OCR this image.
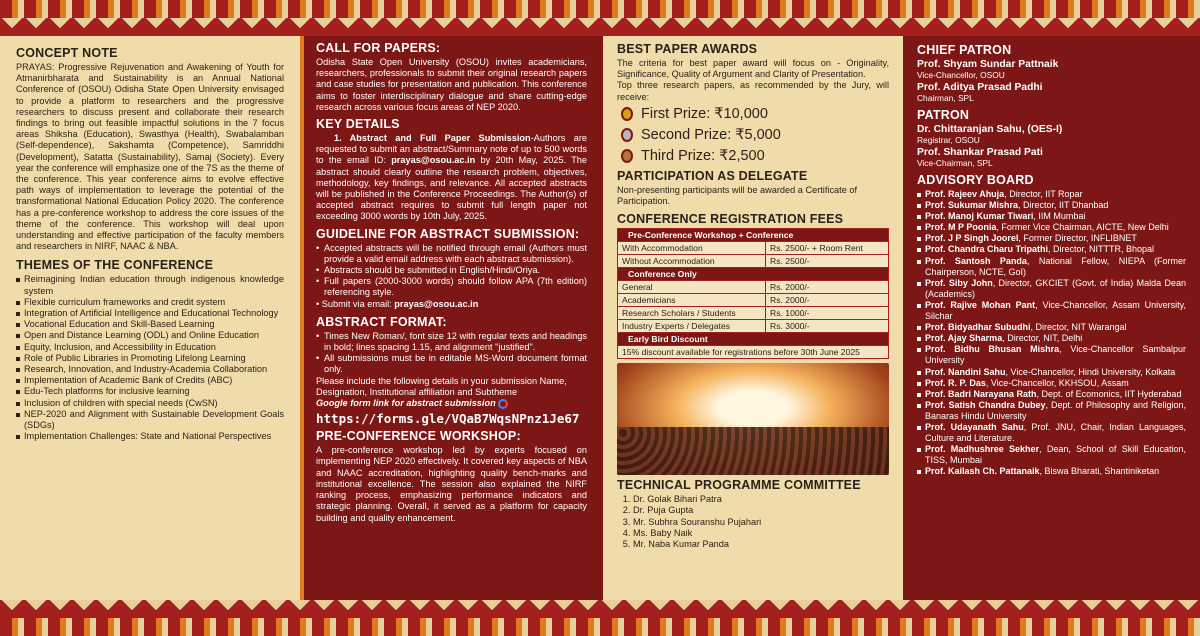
CONCEPT NOTE

PRAYAS: Progressive Rejuvenation and Awakening of Youth for Atmanirbharata and Sustainability is an Annual National Conference of (OSOU) Odisha State Open University envisaged to provide a platform to researchers and the progressive researchers to discuss present and collaborate their research findings to bring out feasible impactful solutions in the 7 focus areas Shiksha (Education), Swasthya (Health), Swabalamban (Self-dependence), Sakshamta (Competence), Samriddhi (Development), Satatta (Sustainability), Samaj (Society). Every year the conference will emphasize one of the 7S as the theme of the conference. This year conference aims to evolve effective path ways of implementation to leverage the potential of the transformational National Education Policy 2020. The conference has a pre-conference workshop to address the core issues of the theme of the conference. This workshop will deal upon understanding and effective participation of the faculty members and researchers in NIRF, NAAC & NBA.

THEMES OF THE CONFERENCE
Reimagining Indian education through indigenous knowledge system
Flexible curriculum frameworks and credit system
Integration of Artificial Intelligence and Educational Technology
Vocational Education and Skill-Based Learning
Open and Distance Learning (ODL) and Online Education
Equity, Inclusion, and Accessibility in Education
Role of Public Libraries in Promoting Lifelong Learning
Research, Innovation, and Industry-Academia Collaboration
Implementation of Academic Bank of Credits (ABC)
Edu-Tech platforms for inclusive learning
Inclusion of children with special needs (CwSN)
NEP-2020 and Alignment with Sustainable Development Goals (SDGs)
Implementation Challenges: State and National Perspectives
CALL FOR PAPERS:

Odisha State Open University (OSOU) invites academicians, researchers, professionals to submit their original research papers and case studies for presentation and publication. This conference aims to foster interdisciplinary dialogue and share cutting-edge research across various focus areas of NEP 2020.

KEY DETAILS

1. Abstract and Full Paper Submission-Authors are requested to submit an abstract/Summary note of up to 500 words to the email ID: prayas@osou.ac.in by 20th May, 2025. The abstract should clearly outline the research problem, objectives, methodology, key findings, and relevance. All accepted abstracts will be published in the Conference Proceedings. The Author(s) of accepted abstract requires to submit full length paper not exceeding 3000 words by 10th July, 2025.

GUIDELINE FOR ABSTRACT SUBMISSION:
• Accepted abstracts will be notified through email (Authors must provide a valid email address with each abstract submission).
• Abstracts should be submitted in English/Hindi/Oriya.
• Full papers (2000-3000 words) should follow APA (7th edition) referencing style.

• Submit via email: prayas@osou.ac.in

ABSTRACT FORMAT:
• Times New Roman/, font size 12 with regular texts and headings in bold; lines spacing 1.15, and alignment "justified".
• All submissions must be in editable MS-Word document format only.

Please include the following details in your submission Name, Designation, Institutional affiliation and Subtheme

Google form link for abstract submission

https://forms.gle/VQaB7WqsNPnz1Je67
PRE-CONFERENCE WORKSHOP:

A pre-conference workshop led by experts focused on implementing NEP 2020 effectively. It covered key aspects of NBA and NAAC accreditation, highlighting quality bench-marks and institutional excellence. The session also explained the NIRF ranking process, emphasizing performance indicators and strategic planning. Overall, it served as a platform for capacity building and quality enhancement.

BEST PAPER AWARDS

The criteria for best paper award will focus on - Originality, Significance, Quality of Argument and Clarity of Presentation.

Top three research papers, as recommended by the Jury, will receive:

First Prize: ₹10,000
Second Prize: ₹5,000
Third Prize: ₹2,500
PARTICIPATION AS DELEGATE

Non-presenting participants will be awarded a Certificate of Participation.

CONFERENCE REGISTRATION FEES
Pre-Conference Workshop + Conference	
With Accommodation	Rs. 2500/- + Room Rent
Without Accommodation	Rs. 2500/-
Conference Only	
General	Rs. 2000/-
Academicians	Rs. 2000/-
Research Scholars / Students	Rs. 1000/-
Industry Experts / Delegates	Rs. 3000/-
Early Bird Discount	
15% discount available for registrations before 30th June 2025	
TECHNICAL PROGRAMME COMMITTEE
1. Dr. Golak Bihari Patra
2. Dr. Puja Gupta
3. Mr. Subhra Souranshu Pujahari
4. Ms. Baby Naik
5. Mr. Naba Kumar Panda
CHIEF PATRON
Prof. Shyam Sundar Pattnaik
Vice-Chancellor, OSOU
Prof. Aditya Prasad Padhi
Chairman, SPL
PATRON
Dr. Chittaranjan Sahu, (OES-I)
Registrar, OSOU
Prof. Shankar Prasad Pati
Vice-Chairman, SPL
ADVISORY BOARD
Prof. Rajeev Ahuja, Director, IIT Ropar
Prof. Sukumar Mishra, Director, IIT Dhanbad
Prof. Manoj Kumar Tiwari, IIM Mumbai
Prof. M P Poonia, Former Vice Chairman, AICTE, New Delhi
Prof. J P Singh Joorel, Former Director, INFLIBNET
Prof. Chandra Charu Tripathi, Director, NITTTR, Bhopal
Prof. Santosh Panda, National Fellow, NIEPA (Former Chairperson, NCTE, GoI)
Prof. Siby John, Director, GKCIET (Govt. of India) Malda Dean (Academics)
Prof. Rajive Mohan Pant, Vice-Chancellor, Assam University, Silchar
Prof. Bidyadhar Subudhi, Director, NIT Warangal
Prof. Ajay Sharma, Director, NIT, Delhi
Prof. Bidhu Bhusan Mishra, Vice-Chancellor Sambalpur University
Prof. Nandini Sahu, Vice-Chancellor, Hindi University, Kolkata
Prof. R. P. Das, Vice-Chancellor, KKHSOU, Assam
Prof. Badri Narayana Rath, Dept. of Ecomonics, IIT Hyderabad
Prof. Satish Chandra Dubey, Dept. of Philosophy and Religion, Banaras Hindu University
Prof. Udayanath Sahu, Prof. JNU, Chair, Indian Languages, Culture and Literature.
Prof. Madhushree Sekher, Dean, School of Skill Education, TISS, Mumbai
Prof. Kailash Ch. Pattanaik, Biswa Bharati, Shantiniketan
